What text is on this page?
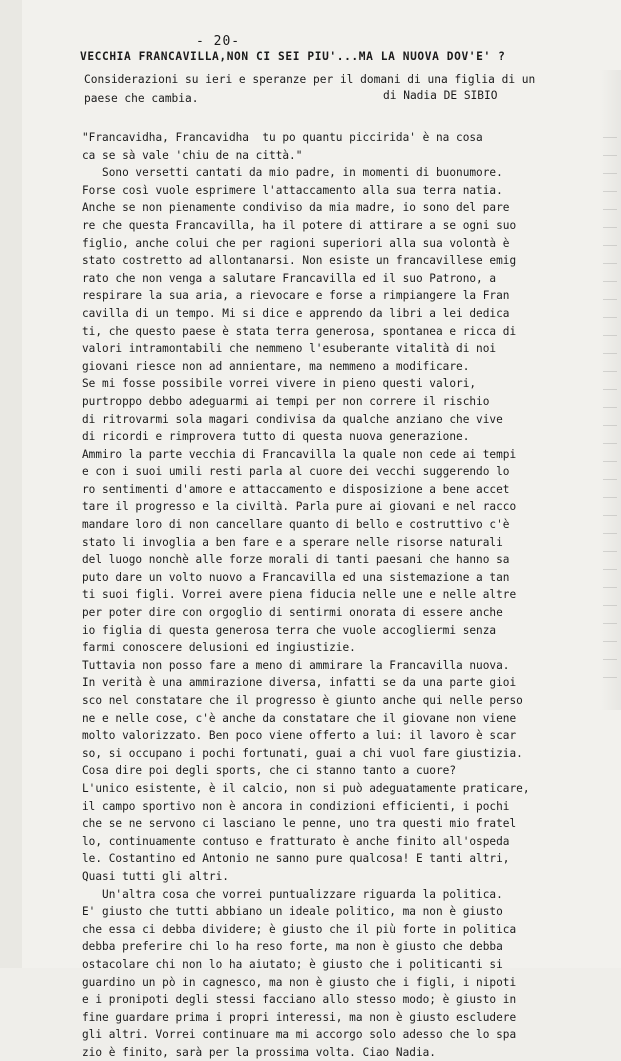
- 20-
VECCHIA FRANCAVILLA,NON CI SEI PIU'...MA LA NUOVA DOV'E' ?
Considerazioni su ieri e speranze per il domani di una figlia di un paese che cambia.	di Nadia DE SIBIO
"Francavidha, Francavidha  tu po quantu piccirida' è na cosa
ca se sà vale 'chiu de na città."
Sono versetti cantati da mio padre, in momenti di buonumore.
Forse così vuole esprimere l'attaccamento alla sua terra natia.
Anche se non pienamente condiviso da mia madre, io sono del pare
re che questa Francavilla, ha il potere di attirare a se ogni suo
figlio, anche colui che per ragioni superiori alla sua volontà è
stato costretto ad allontanarsi. Non esiste un francavillese emig
rato che non venga a salutare Francavilla ed il suo Patrono, a
respirare la sua aria, a rievocare e forse a rimpiangere la Fran
cavilla di un tempo. Mi si dice e apprendo da libri a lei dedica
ti, che questo paese è stata terra generosa, spontanea e ricca di
valori intramontabili che nemmeno l'esuberante vitalità di noi
giovani riesce non ad annientare, ma nemmeno a modificare.
Se mi fosse possibile vorrei vivere in pieno questi valori,
purtroppo debbo adeguarmi ai tempi per non correre il rischio
di ritrovarmi sola magari condivisa da qualche anziano che vive
di ricordi e rimprovera tutto di questa nuova generazione.
Ammiro la parte vecchia di Francavilla la quale non cede ai tempi
e con i suoi umili resti parla al cuore dei vecchi suggerendo lo
ro sentimenti d'amore e attaccamento e disposizione a bene accet
tare il progresso e la civiltà. Parla pure ai giovani e nel racco
mandare loro di non cancellare quanto di bello e costruttivo c'è
stato li invoglia a ben fare e a sperare nelle risorse naturali
del luogo nonchè alle forze morali di tanti paesani che hanno sa
puto dare un volto nuovo a Francavilla ed una sistemazione a tan
ti suoi figli. Vorrei avere piena fiducia nelle une e nelle altre
per poter dire con orgoglio di sentirmi onorata di essere anche
io figlia di questa generosa terra che vuole accogliermi senza
farmi conoscere delusioni ed ingiustizie.
Tuttavia non posso fare a meno di ammirare la Francavilla nuova.
In verità è una ammirazione diversa, infatti se da una parte gioi
sco nel constatare che il progresso è giunto anche qui nelle perso
ne e nelle cose, c'è anche da constatare che il giovane non viene
molto valorizzato. Ben poco viene offerto a lui: il lavoro è scar
so, si occupano i pochi fortunati, guai a chi vuol fare giustizia.
Cosa dire poi degli sports, che ci stanno tanto a cuore?
L'unico esistente, è il calcio, non si può adeguatamente praticare,
il campo sportivo non è ancora in condizioni efficienti, i pochi
che se ne servono ci lasciano le penne, uno tra questi mio fratel
lo, continuamente contuso e fratturato è anche finito all'ospeda
le. Costantino ed Antonio ne sanno pure qualcosa! E tanti altri,
Quasi tutti gli altri.
Un'altra cosa che vorrei puntualizzare riguarda la politica.
E' giusto che tutti abbiano un ideale politico, ma non è giusto
che essa ci debba dividere; è giusto che il più forte in politica
debba preferire chi lo ha reso forte, ma non è giusto che debba
ostacolare chi non lo ha aiutato; è giusto che i politicanti si
guardino un pò in cagnesco, ma non è giusto che i figli, i nipoti
e i pronipoti degli stessi facciano allo stesso modo; è giusto in
fine guardare prima i propri interessi, ma non è giusto escludere
gli altri. Vorrei continuare ma mi accorgo solo adesso che lo spa
zio è finito, sarà per la prossima volta. Ciao Nadia.
